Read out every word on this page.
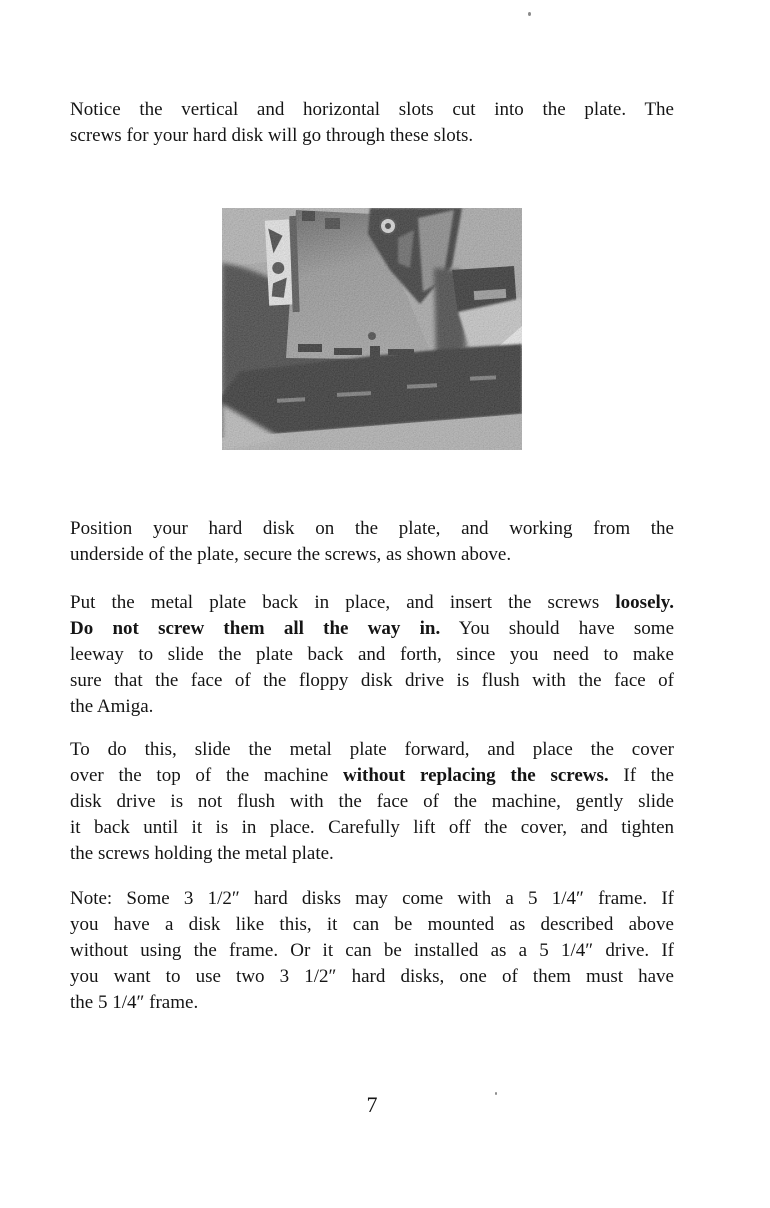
Notice the vertical and horizontal slots cut into the plate. The
screws for your hard disk will go through these slots.
Position your hard disk on the plate, and working from the
underside of the plate, secure the screws, as shown above.
Put the metal plate back in place, and insert the screws loosely.
Do not screw them all the way in. You should have some
leeway to slide the plate back and forth, since you need to make
sure that the face of the floppy disk drive is flush with the face of
the Amiga.
To do this, slide the metal plate forward, and place the cover
over the top of the machine without replacing the screws. If the
disk drive is not flush with the face of the machine, gently slide
it back until it is in place. Carefully lift off the cover, and tighten
the screws holding the metal plate.
Note: Some 3 1/2″ hard disks may come with a 5 1/4″ frame. If
you have a disk like this, it can be mounted as described above
without using the frame. Or it can be installed as a 5 1/4″ drive. If
you want to use two 3 1/2″ hard disks, one of them must have
the 5 1/4″ frame.
7
